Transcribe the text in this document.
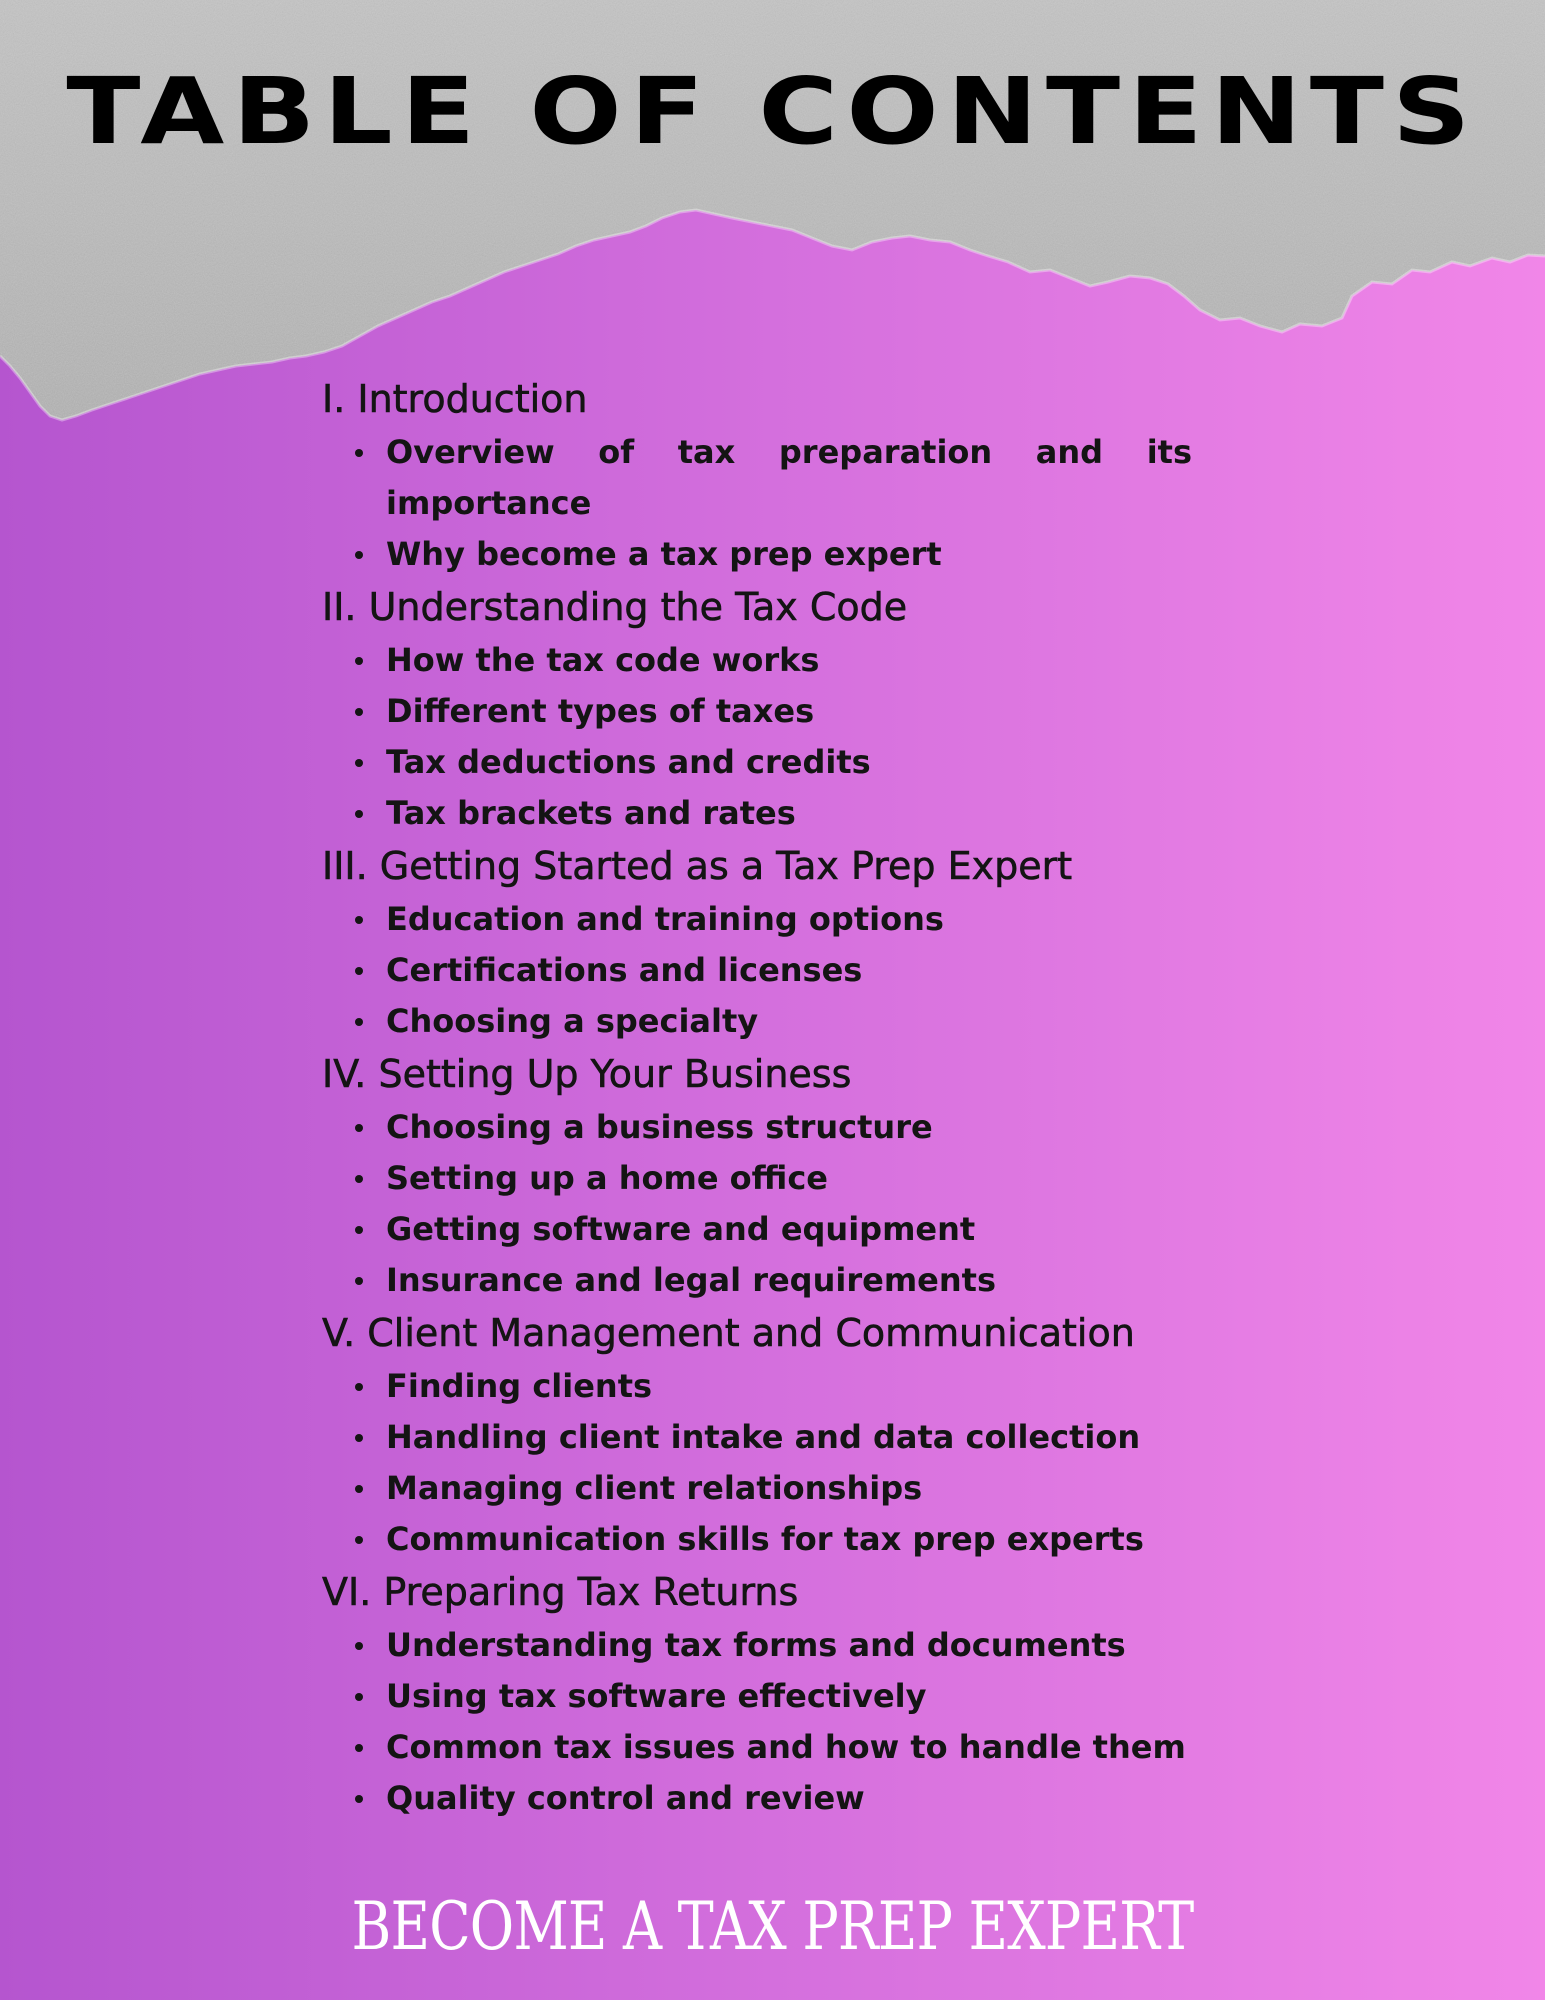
TABLE OF CONTENTS
I. Introduction
Overview of tax preparation and its importance
Why become a tax prep expert
II. Understanding the Tax Code
How the tax code works
Different types of taxes
Tax deductions and credits
Tax brackets and rates
III. Getting Started as a Tax Prep Expert
Education and training options
Certifications and licenses
Choosing a specialty
IV. Setting Up Your Business
Choosing a business structure
Setting up a home office
Getting software and equipment
Insurance and legal requirements
V. Client Management and Communication
Finding clients
Handling client intake and data collection
Managing client relationships
Communication skills for tax prep experts
VI. Preparing Tax Returns
Understanding tax forms and documents
Using tax software effectively
Common tax issues and how to handle them
Quality control and review
BECOME A TAX PREP EXPERT
